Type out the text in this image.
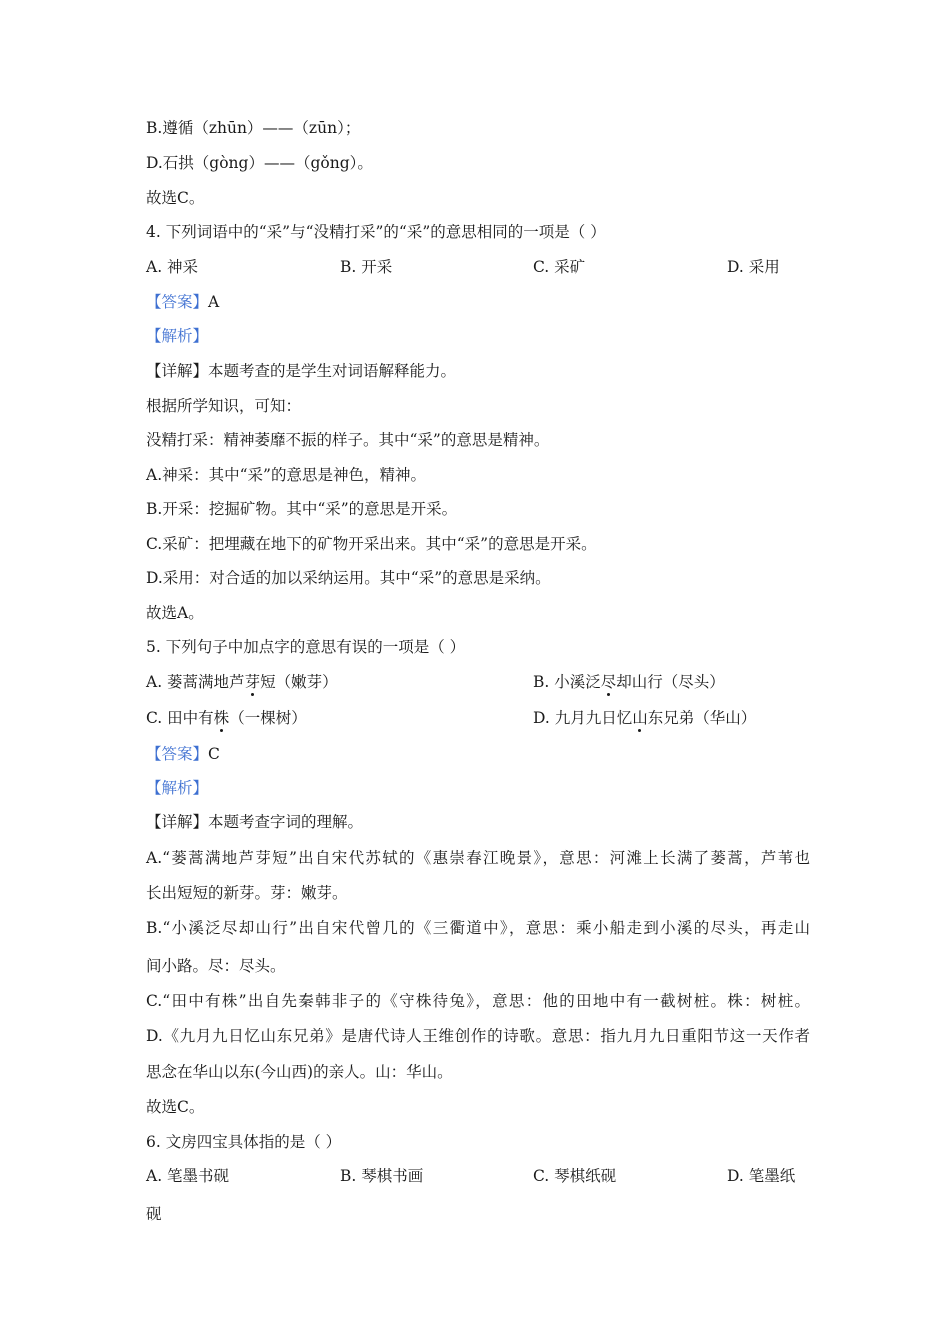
B.遵循（zhūn）——（zūn）；
D.石拱（gòng）——（gǒng）。
故选C。
4. 下列词语中的“采”与“没精打采”的“采”的意思相同的一项是（ ）
A. 神采	B. 开采	C. 采矿	D. 采用
【答案】A
【解析】
【详解】本题考查的是学生对词语解释能力。
根据所学知识，可知：
没精打采：精神萎靡不振的样子。其中“采”的意思是精神。
A.神采：其中“采”的意思是神色，精神。
B.开采：挖掘矿物。其中“采”的意思是开采。
C.采矿：把埋藏在地下的矿物开采出来。其中“采”的意思是开采。
D.采用：对合适的加以采纳运用。其中“采”的意思是采纳。
故选A。
5. 下列句子中加点字的意思有误的一项是（ ）
A. 蒌蒿满地芦芽短（嫩芽）	B. 小溪泛尽却山行（尽头）
C. 田中有株（一棵树）	D. 九月九日忆山东兄弟（华山）
【答案】C
【解析】
【详解】本题考查字词的理解。
A.“蒌蒿满地芦芽短”出自宋代苏轼的《惠崇春江晚景》，意思：河滩上长满了蒌蒿，芦苇也
长出短短的新芽。芽：嫩芽。
B.“小溪泛尽却山行”出自宋代曾几的《三衢道中》，意思：乘小船走到小溪的尽头，再走山
间小路。尽：尽头。
C.“田中有株”出自先秦韩非子的《守株待兔》，意思：他的田地中有一截树桩。株：树桩。
D.《九月九日忆山东兄弟》是唐代诗人王维创作的诗歌。意思：指九月九日重阳节这一天作者
思念在华山以东(今山西)的亲人。山：华山。
故选C。
6. 文房四宝具体指的是（ ）
A. 笔墨书砚	B. 琴棋书画	C. 琴棋纸砚	D. 笔墨纸
砚
